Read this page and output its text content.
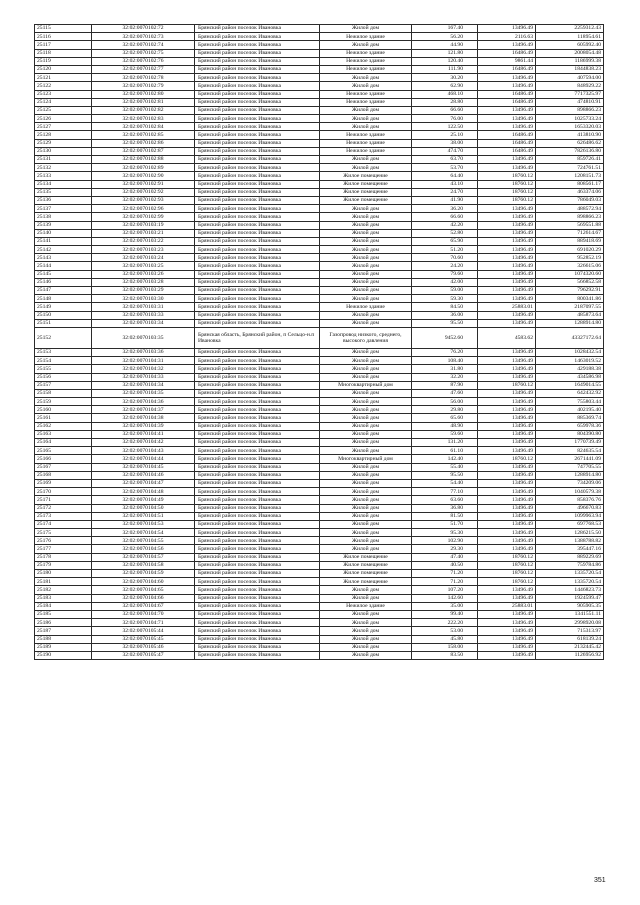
25115	32:02:0070102:72	Брянский район поселок Ивановка	Жилой дом	167.40	13496.49	2259312.43
25116	32:02:0070102:73	Брянский район поселок Ивановка	Нежилое здание	56.20	2116.63	118954.61
25117	32:02:0070102:74	Брянский район поселок Ивановка	Жилой дом	44.90	13496.49	605992.40
25118	32:02:0070102:75	Брянский район поселок Ивановка	Нежилое здание	121.80	16486.49	2008054.48
25119	32:02:0070102:76	Брянский район поселок Ивановка	Нежилое здание	120.40	9861.44	1186999.38
25120	32:02:0070102:77	Брянский район поселок Ивановка	Нежилое здание	111.90	16486.49	1844838.23
25121	32:02:0070102:78	Брянский район поселок Ивановка	Жилой дом	30.20	13496.49	407594.00
25122	32:02:0070102:79	Брянский район поселок Ивановка	Жилой дом	62.90	13496.49	848929.22
25123	32:02:0070102:80	Брянский район поселок Ивановка	Нежилое здание	468.10	16486.49	7717325.97
25124	32:02:0070102:81	Брянский район поселок Ивановка	Нежилое здание	28.80	16486.49	474810.91
25125	32:02:0070102:82	Брянский район поселок Ивановка	Жилой дом	66.60	13496.49	898866.23
25126	32:02:0070102:83	Брянский район поселок Ивановка	Жилой дом	76.00	13496.49	1025733.24
25127	32:02:0070102:84	Брянский район поселок Ивановка	Жилой дом	122.50	13496.49	1653320.03
25128	32:02:0070102:85	Брянский район поселок Ивановка	Нежилое здание	25.10	16486.49	413810.90
25129	32:02:0070102:86	Брянский район поселок Ивановка	Нежилое здание	38.00	16486.49	626486.62
25130	32:02:0070102:87	Брянский район поселок Ивановка	Нежилое здание	474.70	16486.49	7826136.80
25131	32:02:0070102:88	Брянский район поселок Ивановка	Жилой дом	63.70	13496.49	859726.41
25132	32:02:0070102:89	Брянский район поселок Ивановка	Жилой дом	53.70	13496.49	724761.51
25133	32:02:0070102:90	Брянский район поселок Ивановка	Жилое помещение	64.40	18760.12	1208151.73
25134	32:02:0070102:91	Брянский район поселок Ивановка	Жилое помещение	43.10	18760.12	808561.17
25135	32:02:0070102:92	Брянский район поселок Ивановка	Жилое помещение	24.70	18760.12	463374.06
25136	32:02:0070102:93	Брянский район поселок Ивановка	Жилое помещение	41.90	18760.12	786049.03
25137	32:02:0070102:96	Брянский район поселок Ивановка	Жилой дом	36.20	13496.49	488572.94
25138	32:02:0070102:99	Брянский район поселок Ивановка	Жилой дом	66.60	13496.49	898866.23
25139	32:02:0070103:19	Брянский район поселок Ивановка	Жилой дом	42.20	13496.49	569551.88
25140	32:02:0070103:21	Брянский район поселок Ивановка	Жилой дом	52.80	13496.49	712614.67
25141	32:02:0070103:22	Брянский район поселок Ивановка	Жилой дом	65.90	13496.49	889418.69
25142	32:02:0070103:23	Брянский район поселок Ивановка	Жилой дом	51.20	13496.49	691020.29
25143	32:02:0070103:24	Брянский район поселок Ивановка	Жилой дом	70.60	13496.49	952852.19
25144	32:02:0070103:25	Брянский район поселок Ивановка	Жилой дом	24.20	13496.49	326615.06
25145	32:02:0070103:26	Брянский район поселок Ивановка	Жилой дом	79.60	13496.49	1074320.60
25146	32:02:0070103:28	Брянский район поселок Ивановка	Жилой дом	42.00	13496.49	566852.58
25147	32:02:0070103:29	Брянский район поселок Ивановка	Жилой дом	59.00	13496.49	796292.91
25148	32:02:0070103:30	Брянский район поселок Ивановка	Жилой дом	59.30	13496.49	800341.86
25149	32:02:0070103:31	Брянский район поселок Ивановка	Нежилое здание	84.50	25883.01	2187097.55
25150	32:02:0070103:33	Брянский район поселок Ивановка	Жилой дом	36.00	13496.49	485873.64
25151	32:02:0070103:34	Брянский район поселок Ивановка	Жилой дом	95.50	13496.49	1288914.80
25152	32:02:0070103:35	Брянская область, Брянский район, п Сельцо-н.п Ивановка	Газопровод низкого, среднего, высокого давления	9452.60	4583.62	43327172.64
25153	32:02:0070103:36	Брянский район поселок Ивановка	Жилой дом	76.20	13496.49	1028432.54
25154	32:02:0070104:31	Брянский район поселок Ивановка	Жилой дом	108.40	13496.49	1463019.52
25155	32:02:0070104:32	Брянский район поселок Ивановка	Жилой дом	31.80	13496.49	429188.38
25156	32:02:0070104:33	Брянский район поселок Ивановка	Жилой дом	32.20	13496.49	434586.98
25157	32:02:0070104:34	Брянский район поселок Ивановка	Многоквартирный дом	87.90	18760.12	1649014.55
25158	32:02:0070104:35	Брянский район поселок Ивановка	Жилой дом	47.60	13496.49	642432.92
25159	32:02:0070104:36	Брянский район поселок Ивановка	Жилой дом	56.00	13496.49	755803.44
25160	32:02:0070104:37	Брянский район поселок Ивановка	Жилой дом	29.80	13496.49	402195.40
25161	32:02:0070104:38	Брянский район поселок Ивановка	Жилой дом	65.60	13496.49	885369.74
25162	32:02:0070104:39	Брянский район поселок Ивановка	Жилой дом	48.90	13496.49	659978.36
25163	32:02:0070104:41	Брянский район поселок Ивановка	Жилой дом	59.60	13496.49	804390.80
25164	32:02:0070104:42	Брянский район поселок Ивановка	Жилой дом	131.20	13496.49	1770739.49
25165	32:02:0070104:43	Брянский район поселок Ивановка	Жилой дом	61.10	13496.49	824635.54
25166	32:02:0070104:44	Брянский район поселок Ивановка	Многоквартирный дом	142.40	18760.12	2671441.09
25167	32:02:0070104:45	Брянский район поселок Ивановка	Жилой дом	55.40	13496.49	747705.55
25168	32:02:0070104:46	Брянский район поселок Ивановка	Жилой дом	95.50	13496.49	1288914.80
25169	32:02:0070104:47	Брянский район поселок Ивановка	Жилой дом	54.40	13496.49	734209.06
25170	32:02:0070104:48	Брянский район поселок Ивановка	Жилой дом	77.10	13496.49	1040579.38
25171	32:02:0070104:49	Брянский район поселок Ивановка	Жилой дом	63.60	13496.49	858376.76
25172	32:02:0070104:50	Брянский район поселок Ивановка	Жилой дом	36.80	13496.49	496670.83
25173	32:02:0070104:51	Брянский район поселок Ивановка	Жилой дом	81.50	13496.49	1099963.94
25174	32:02:0070104:53	Брянский район поселок Ивановка	Жилой дом	51.70	13496.49	697768.53
25175	32:02:0070104:54	Брянский район поселок Ивановка	Жилой дом	95.30	13496.49	1286215.50
25176	32:02:0070104:55	Брянский район поселок Ивановка	Жилой дом	102.90	13496.49	1388788.82
25177	32:02:0070104:56	Брянский район поселок Ивановка	Жилой дом	29.30	13496.49	395447.16
25178	32:02:0070104:57	Брянский район поселок Ивановка	Жилое помещение	47.40	18760.12	889229.69
25179	32:02:0070104:58	Брянский район поселок Ивановка	Жилое помещение	40.50	18760.12	759784.86
25180	32:02:0070104:59	Брянский район поселок Ивановка	Жилое помещение	71.20	18760.12	1335720.54
25181	32:02:0070104:60	Брянский район поселок Ивановка	Жилое помещение	71.20	18760.12	1335720.54
25182	32:02:0070104:65	Брянский район поселок Ивановка	Жилой дом	107.20	13496.49	1446823.73
25183	32:02:0070104:66	Брянский район поселок Ивановка	Жилой дом	142.60	13496.49	1924599.47
25184	32:02:0070104:67	Брянский район поселок Ивановка	Нежилое здание	35.00	25883.01	905905.35
25185	32:02:0070104:70	Брянский район поселок Ивановка	Жилой дом	99.40	13496.49	1341551.11
25186	32:02:0070104:71	Брянский район поселок Ивановка	Жилой дом	222.20	13496.49	2998920.08
25187	32:02:0070105:44	Брянский район поселок Ивановка	Жилой дом	53.00	13496.49	715313.97
25188	32:02:0070105:45	Брянский район поселок Ивановка	Жилой дом	45.80	13496.49	618139.24
25189	32:02:0070105:46	Брянский район поселок Ивановка	Жилой дом	158.00	13496.49	2132445.42
25190	32:02:0070105:47	Брянский район поселок Ивановка	Жилой дом	83.50	13496.49	1126956.92
351
